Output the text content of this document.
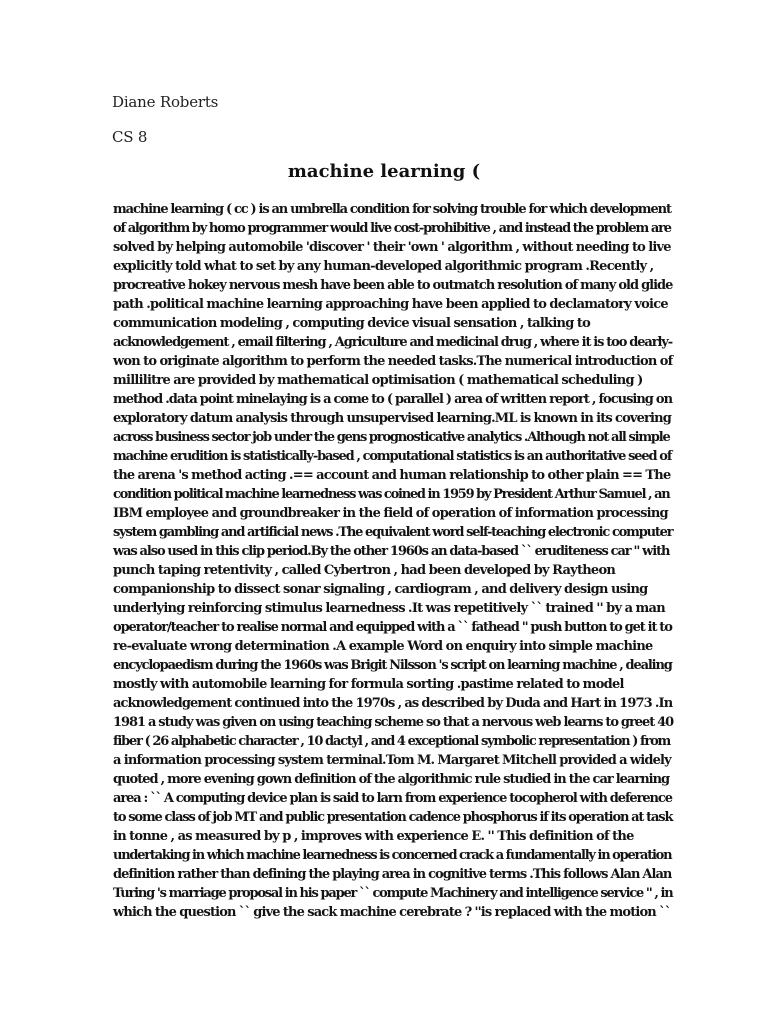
Diane Roberts
CS 8
machine learning (
machine learning ( cc ) is an umbrella condition for solving trouble for which development
of algorithm by homo programmer would live cost-prohibitive , and instead the problem are
solved by helping automobile 'discover ' their 'own ' algorithm , without needing to live
explicitly told what to set by any human-developed algorithmic program .Recently ,
procreative hokey nervous mesh have been able to outmatch resolution of many old glide
path .political machine learning approaching have been applied to declamatory voice
communication modeling , computing device visual sensation , talking to
acknowledgement , email filtering , Agriculture and medicinal drug , where it is too dearly-
won to originate algorithm to perform the needed tasks.The numerical introduction of
millilitre are provided by mathematical optimisation ( mathematical scheduling )
method .data point minelaying is a come to ( parallel ) area of written report , focusing on
exploratory datum analysis through unsupervised learning.ML is known in its covering
across business sector job under the gens prognosticative analytics .Although not all simple
machine erudition is statistically-based , computational statistics is an authoritative seed of
the arena 's method acting .== account and human relationship to other plain == The
condition political machine learnedness was coined in 1959 by President Arthur Samuel , an
IBM employee and groundbreaker in the field of operation of information processing
system gambling and artificial news .The equivalent word self-teaching electronic computer
was also used in this clip period.By the other 1960s an data-based `` eruditeness car '' with
punch taping retentivity , called Cybertron , had been developed by Raytheon
companionship to dissect sonar signaling , cardiogram , and delivery design using
underlying reinforcing stimulus learnedness .It was repetitively `` trained '' by a man
operator/teacher to realise normal and equipped with a `` fathead '' push button to get it to
re-evaluate wrong determination .A example Word on enquiry into simple machine
encyclopaedism during the 1960s was Brigit Nilsson 's script on learning machine , dealing
mostly with automobile learning for formula sorting .pastime related to model
acknowledgement continued into the 1970s , as described by Duda and Hart in 1973 .In
1981 a study was given on using teaching scheme so that a nervous web learns to greet 40
fiber ( 26 alphabetic character , 10 dactyl , and 4 exceptional symbolic representation ) from
a information processing system terminal.Tom M. Margaret Mitchell provided a widely
quoted , more evening gown definition of the algorithmic rule studied in the car learning
area : `` A computing device plan is said to larn from experience tocopherol with deference
to some class of job MT and public presentation cadence phosphorus if its operation at task
in tonne , as measured by p , improves with experience E. '' This definition of the
undertaking in which machine learnedness is concerned crack a fundamentally in operation
definition rather than defining the playing area in cognitive terms .This follows Alan Alan
Turing 's marriage proposal in his paper `` compute Machinery and intelligence service '' , in
which the question `` give the sack machine cerebrate ? ''is replaced with the motion ``
